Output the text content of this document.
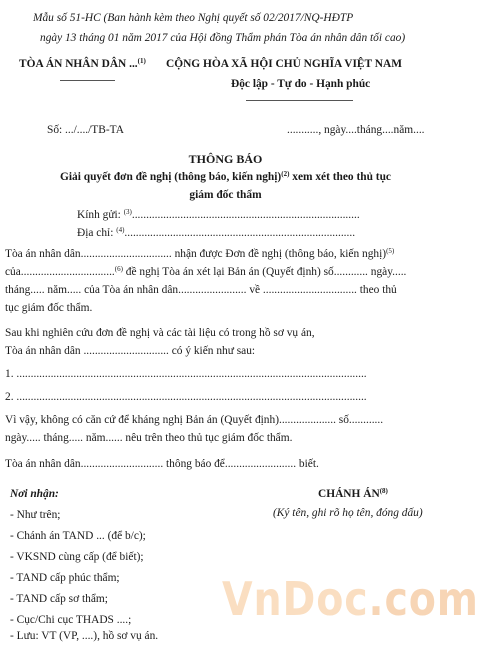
Mẫu số 51-HC (Ban hành kèm theo Nghị quyết số 02/2017/NQ-HĐTP
ngày 13 tháng 01 năm 2017 của Hội đồng Thẩm phán Tòa án nhân dân tối cao)
TÒA ÁN NHÂN DÂN ...$^{(1)}$ CỘNG HÒA XÃ HỘI CHỦ NGHĨA VIỆT NAM
Độc lập - Tự do - Hạnh phúc
Số: .../..../TB-TA	..........., ngày....tháng....năm....
THÔNG BÁO
Giải quyết đơn đề nghị (thông báo, kiến nghị)$^{(2)}$ xem xét theo thủ tục
giám đốc thẩm
Kính gửi: $^{(3)}$................................................................................
Địa chỉ: $^{(4)}$.................................................................................
Tòa án nhân dân................................ nhận được Đơn đề nghị (thông báo, kiến nghị)$^{(5)}$
của.................................$^{(6)}$ đề nghị Tòa án xét lại Bản án (Quyết định) số............ ngày.....
tháng..... năm..... của Tòa án nhân dân........................ về ................................. theo thủ
tục giám đốc thẩm.
Sau khi nghiên cứu đơn đề nghị và các tài liệu có trong hồ sơ vụ án,
Tòa án nhân dân .............................. có ý kiến như sau:
1. ...........................................................................................................................
2. ...........................................................................................................................
Vì vậy, không có căn cứ để kháng nghị Bản án (Quyết định).................... số............
ngày..... tháng..... năm...... nêu trên theo thủ tục giám đốc thẩm.
Tòa án nhân dân............................. thông báo để......................... biết.
Nơi nhận:
- Như trên;
- Chánh án TAND ... (để b/c);
- VKSND cùng cấp (để biết);
- TAND cấp phúc thẩm;
- TAND cấp sơ thẩm;
- Cục/Chi cục THADS ....;
- Lưu: VT (VP, ....), hồ sơ vụ án.
CHÁNH ÁN$^{(8)}$
(Ký tên, ghi rõ họ tên, đóng dấu)
VnDoc.com
